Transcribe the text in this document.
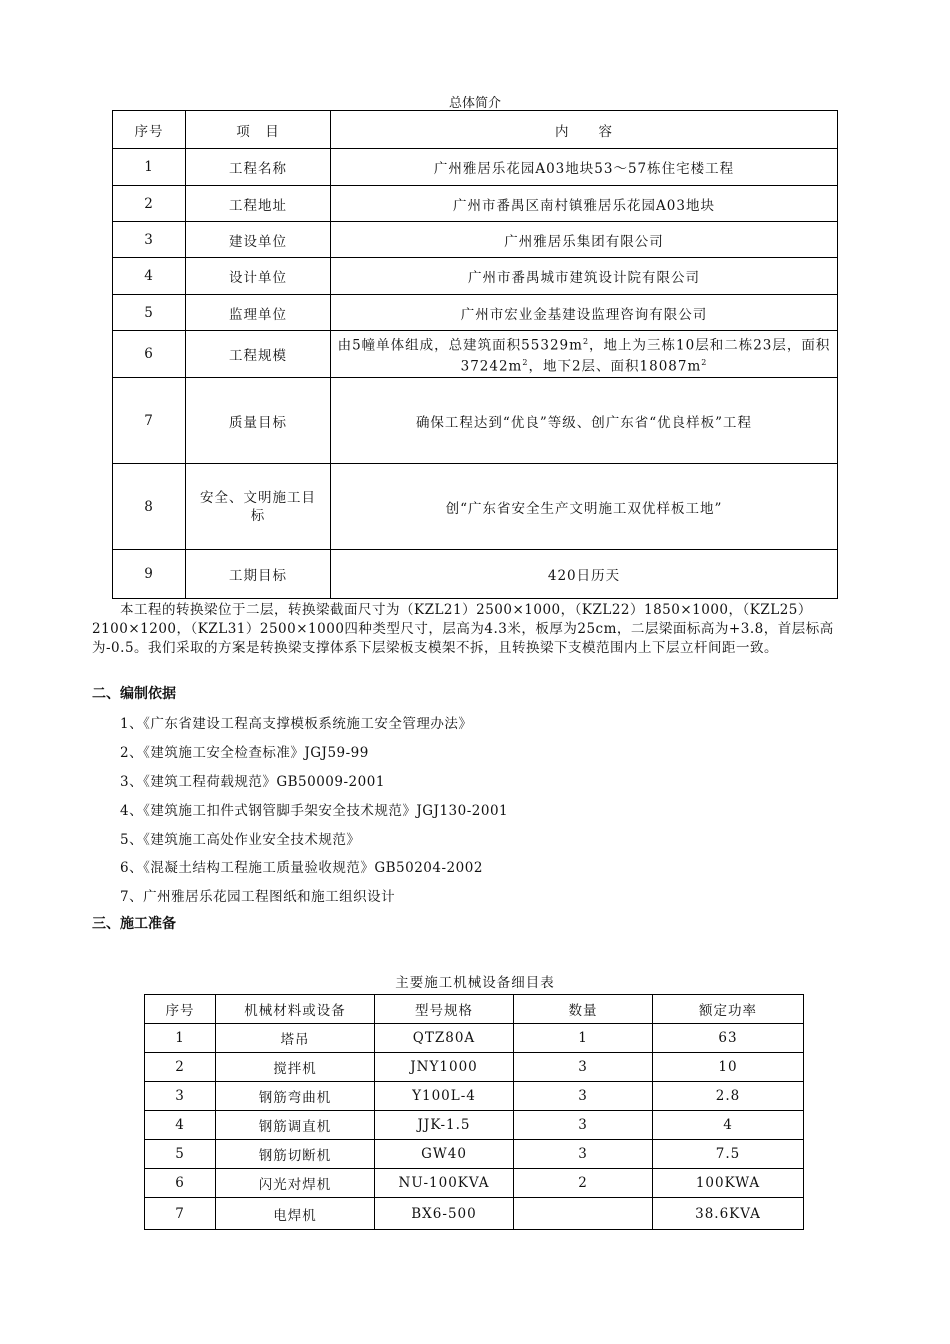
总体简介
序号	项　目	内　　容
1	工程名称	广州雅居乐花园A03地块53～57栋住宅楼工程
2	工程地址	广州市番禺区南村镇雅居乐花园A03地块
3	建设单位	广州雅居乐集团有限公司
4	设计单位	广州市番禺城市建筑设计院有限公司
5	监理单位	广州市宏业金基建设监理咨询有限公司
6	工程规模	由5幢单体组成，总建筑面积$55329m^2$，地上为三栋10层和二栋23层，面积$37242m^2$，地下2层、面积$18087m^2$
7	质量目标	确保工程达到“优良”等级、创广东省“优良样板”工程
8	安全、文明施工目标	创“广东省安全生产文明施工双优样板工地”
9	工期目标	420日历天
本工程的转换梁位于二层，转换梁截面尺寸为（KZL21）2500×1000，（KZL22）1850×1000，（KZL25）2100×1200，（KZL31）2500×1000四种类型尺寸，层高为4.3米，板厚为25cm，二层梁面标高为+3.8，首层标高为-0.5。我们采取的方案是转换梁支撑体系下层梁板支模架不拆，且转换梁下支模范围内上下层立杆间距一致。
二、编制依据
1、《广东省建设工程高支撑模板系统施工安全管理办法》
2、《建筑施工安全检查标准》JGJ59-99
3、《建筑工程荷载规范》GB50009-2001
4、《建筑施工扣件式钢管脚手架安全技术规范》JGJ130-2001
5、《建筑施工高处作业安全技术规范》
6、《混凝土结构工程施工质量验收规范》GB50204-2002
7、广州雅居乐花园工程图纸和施工组织设计
三、施工准备
主要施工机械设备细目表
序号	机械材料或设备	型号规格	数量	额定功率
1	塔吊	QTZ80A	1	63
2	搅拌机	JNY1000	3	10
3	钢筋弯曲机	Y100L-4	3	2.8
4	钢筋调直机	JJK-1.5	3	4
5	钢筋切断机	GW40	3	7.5
6	闪光对焊机	NU-100KVA	2	100KWA
7	电焊机	BX6-500		38.6KVA
